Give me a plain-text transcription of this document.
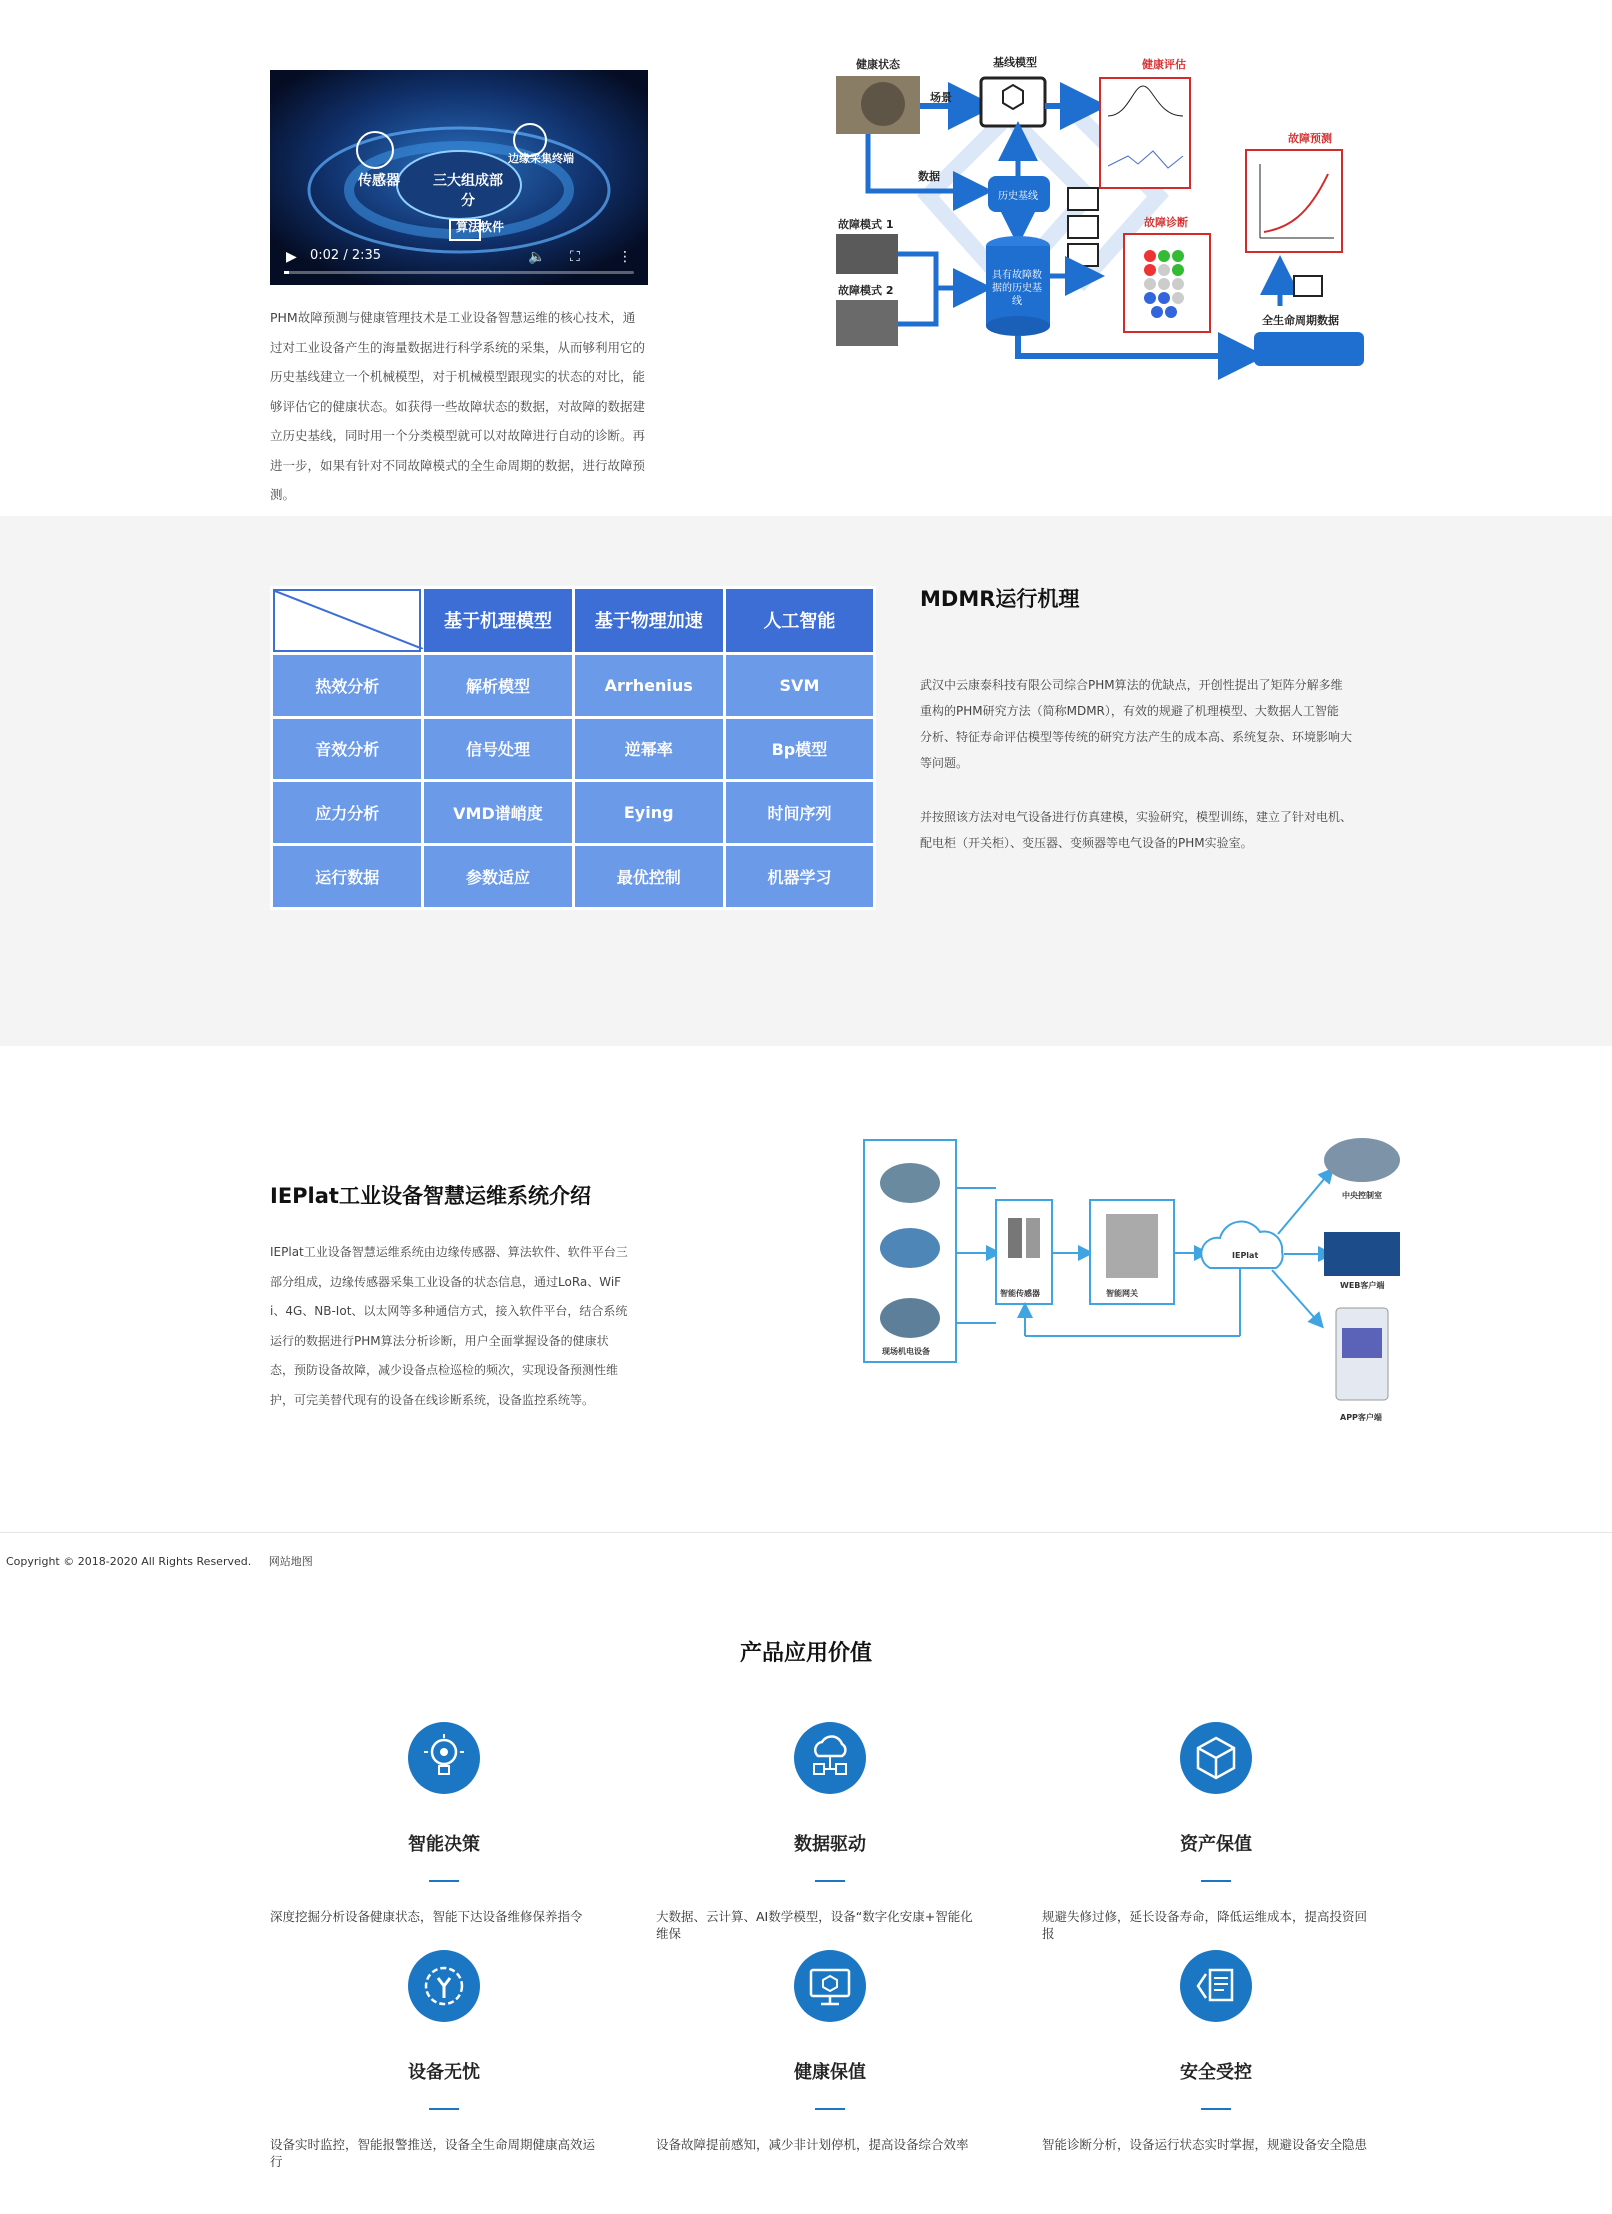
传感器	三大组成部分
边缘采集终端
算法软件
▶ 0:02 / 2:35	🔈 ⛶	⋮

PHM故障预测与健康管理技术是工业设备智慧运维的核心技术，通

过对工业设备产生的海量数据进行科学系统的采集，从而够利用它的

历史基线建立一个机械模型，对于机械模型跟现实的状态的对比，能

够评估它的健康状态。如获得一些故障状态的数据，对故障的数据建

立历史基线，同时用一个分类模型就可以对故障进行自动的诊断。再

进一步，如果有针对不同故障模式的全生命周期的数据，进行故障预

测。

健康状态
场景
基线模型	健康评估
数据
历史基线
故障模式 1
故障模式 2
具有故障数
据的历史基
线
故障诊断
故障预测
全生命周期数据
	基于机理模型	基于物理加速	人工智能
热效分析	解析模型	Arrhenius	SVM
音效分析	信号处理	逆幂率	Bp模型
应力分析	VMD谱峭度	Eying	时间序列
运行数据	参数适应	最优控制	机器学习
MDMR运行机理

武汉中云康泰科技有限公司综合PHM算法的优缺点，开创性提出了矩阵分解多维

重构的PHM研究方法（简称MDMR），有效的规避了机理模型、大数据人工智能

分析、特征寿命评估模型等传统的研究方法产生的成本高、系统复杂、环境影响大

等问题。

并按照该方法对电气设备进行仿真建模，实验研究，模型训练，建立了针对电机、

配电柜（开关柜）、变压器、变频器等电气设备的PHM实验室。

IEPlat工业设备智慧运维系统介绍

IEPlat工业设备智慧运维系统由边缘传感器、算法软件、软件平台三

部分组成，边缘传感器采集工业设备的状态信息，通过LoRa、WiF

i、4G、NB-Iot、以太网等多种通信方式，接入软件平台，结合系统

运行的数据进行PHM算法分析诊断，用户全面掌握设备的健康状

态，预防设备故障，减少设备点检巡检的频次，实现设备预测性维

护，可完美替代现有的设备在线诊断系统，设备监控系统等。

现场机电设备
智能传感器	智能网关
IEPlat
中央控制室
WEB客户端
APP客户端
Copyright © 2018-2020 All Rights Reserved. 网站地图
产品应用价值
智能决策
深度挖掘分析设备健康状态，智能下达设备维修保养指令
数据驱动
大数据、云计算、AI数学模型，设备“数字化安康+智能化
维保
资产保值
规避失修过修，延长设备寿命，降低运维成本，提高投资回
报
设备无忧
设备实时监控，智能报警推送，设备全生命周期健康高效运
行
健康保值
设备故障提前感知，减少非计划停机，提高设备综合效率
安全受控
智能诊断分析，设备运行状态实时掌握，规避设备安全隐患
